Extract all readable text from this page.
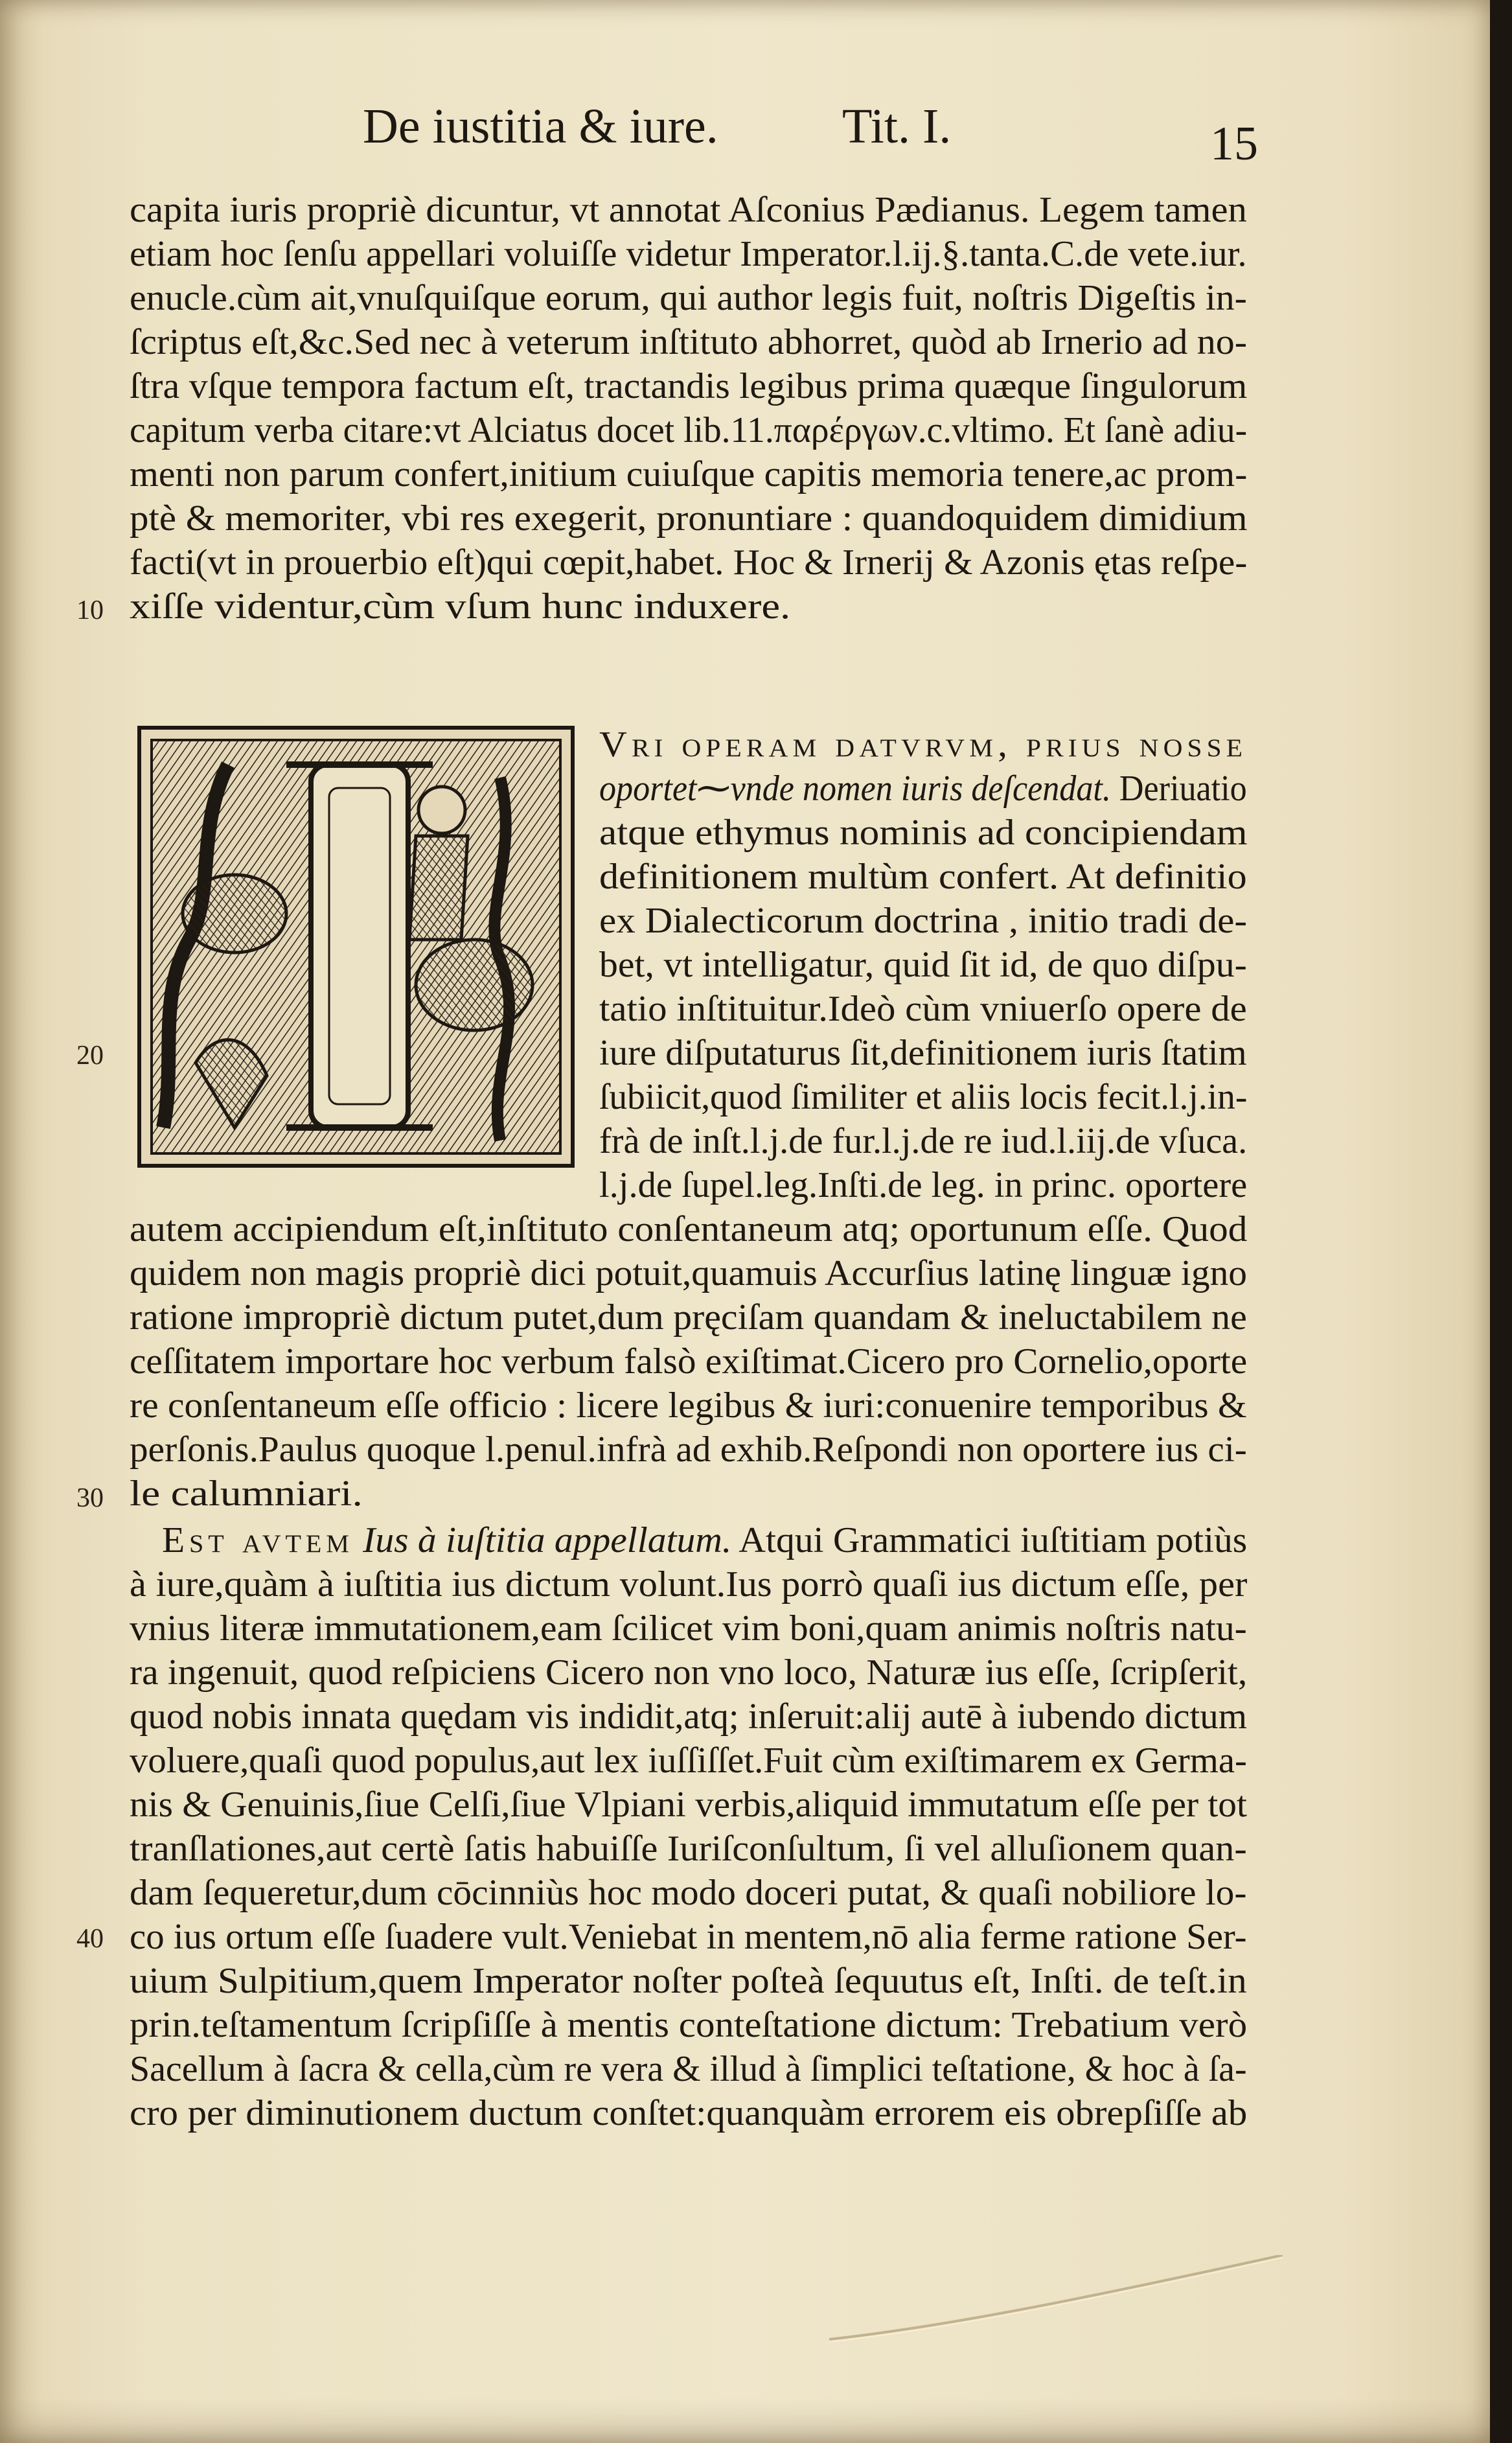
De iustitia & iure.	Tit. I.	15
capita iuris propriè dicuntur, vt annotat Aſconius Pædianus. Legem tamen
etiam hoc ſenſu appellari voluiſſe videtur Imperator.l.ij.§.tanta.C.de vete.iur.
enucle.cùm ait,vnuſquiſque eorum, qui author legis fuit, noſtris Digeſtis in-
ſcriptus eſt,&c.Sed nec à veterum inſtituto abhorret, quòd ab Irnerio ad no-
ſtra vſque tempora factum eſt, tractandis legibus prima quæque ſingulorum
capitum verba citare:vt Alciatus docet lib.11.παρέργων.c.vltimo. Et ſanè adiu-
menti non parum confert,initium cuiuſque capitis memoria tenere,ac prom-
ptè & memoriter, vbi res exegerit, pronuntiare : quandoquidem dimidium
facti(vt in prouerbio eſt)qui cœpit,habet. Hoc & Irnerij & Azonis ętas reſpe-
xiſſe videntur,cùm vſum hunc induxere.
10
Vri operam datvrvm, prius nosse
oportet⁓vnde nomen iuris deſcendat. Deriuatio
atque ethymus nominis ad concipiendam
definitionem multùm confert. At definitio
ex Dialecticorum doctrina , initio tradi de-
bet, vt intelligatur, quid ſit id, de quo diſpu-
tatio inſtituitur.Ideò cùm vniuerſo opere de
iure diſputaturus ſit,definitionem iuris ſtatim
ſubiicit,quod ſimiliter et aliis locis fecit.l.j.in-
frà de inſt.l.j.de fur.l.j.de re iud.l.iij.de vſuca.
l.j.de ſupel.leg.Inſti.de leg. in princ. oportere
20
autem accipiendum eſt,inſtituto conſentaneum atq; oportunum eſſe. Quod
quidem non magis propriè dici potuit,quamuis Accurſius latinę linguæ igno
ratione impropriè dictum putet,dum pręciſam quandam & ineluctabilem ne
ceſſitatem importare hoc verbum falsò exiſtimat.Cicero pro Cornelio,oporte
re conſentaneum eſſe officio : licere legibus & iuri:conuenire temporibus &
perſonis.Paulus quoque l.penul.infrà ad exhib.Reſpondi non oportere ius ci-
le calumniari.
30
Est avtem Ius à iuſtitia appellatum. Atqui Grammatici iuſtitiam potiùs
à iure,quàm à iuſtitia ius dictum volunt.Ius porrò quaſi ius dictum eſſe, per
vnius literæ immutationem,eam ſcilicet vim boni,quam animis noſtris natu-
ra ingenuit, quod reſpiciens Cicero non vno loco, Naturæ ius eſſe, ſcripſerit,
quod nobis innata quędam vis indidit,atq; inſeruit:alij autē à iubendo dictum
voluere,quaſi quod populus,aut lex iuſſiſſet.Fuit cùm exiſtimarem ex Germa-
nis & Genuinis,ſiue Celſi,ſiue Vlpiani verbis,aliquid immutatum eſſe per tot
tranſlationes,aut certè ſatis habuiſſe Iuriſconſultum, ſi vel alluſionem quan-
dam ſequeretur,dum cōcinniùs hoc modo doceri putat, & quaſi nobiliore lo-
co ius ortum eſſe ſuadere vult.Veniebat in mentem,nō alia ferme ratione Ser-
uium Sulpitium,quem Imperator noſter poſteà ſequutus eſt, Inſti. de teſt.in
prin.teſtamentum ſcripſiſſe à mentis conteſtatione dictum: Trebatium verò
Sacellum à ſacra & cella,cùm re vera & illud à ſimplici teſtatione, & hoc à ſa-
cro per diminutionem ductum conſtet:quanquàm errorem eis obrepſiſſe ab
40
